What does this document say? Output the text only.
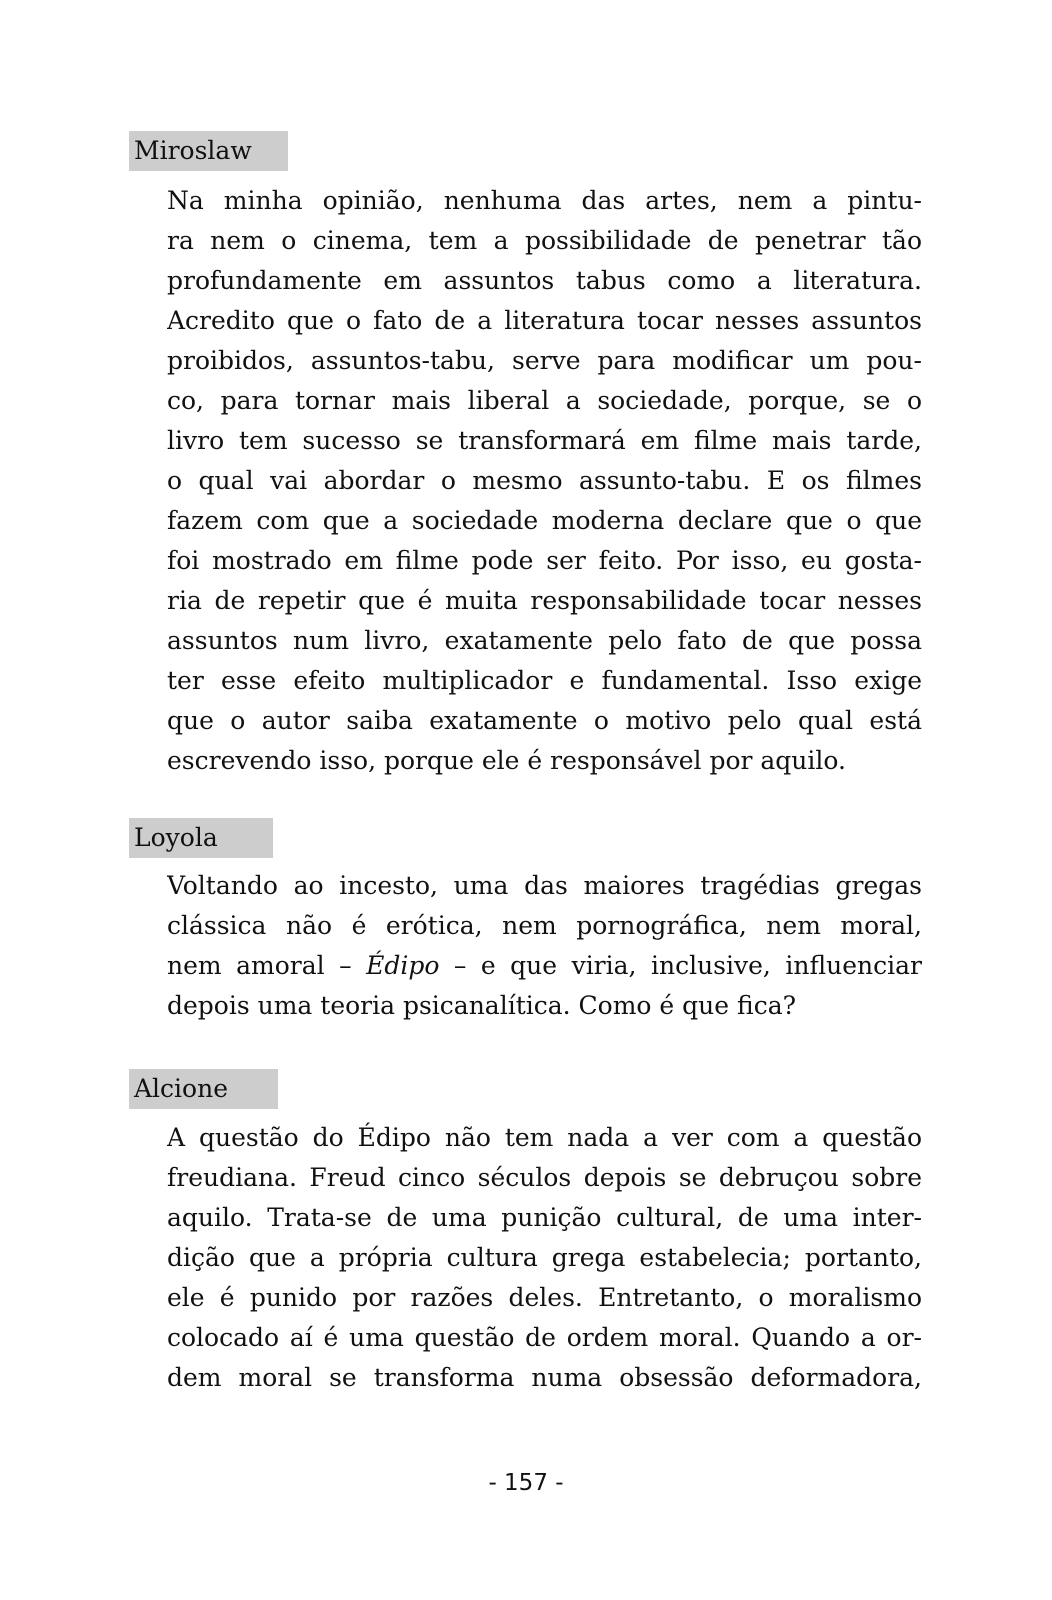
Miroslaw
Na minha opinião, nenhuma das artes, nem a pintu-
ra nem o cinema, tem a possibilidade de penetrar tão
profundamente em assuntos tabus como a literatura.
Acredito que o fato de a literatura tocar nesses assuntos
proibidos, assuntos-tabu, serve para modificar um pou-
co, para tornar mais liberal a sociedade, porque, se o
livro tem sucesso se transformará em filme mais tarde,
o qual vai abordar o mesmo assunto-tabu. E os filmes
fazem com que a sociedade moderna declare que o que
foi mostrado em filme pode ser feito. Por isso, eu gosta-
ria de repetir que é muita responsabilidade tocar nesses
assuntos num livro, exatamente pelo fato de que possa
ter esse efeito multiplicador e fundamental. Isso exige
que o autor saiba exatamente o motivo pelo qual está
escrevendo isso, porque ele é responsável por aquilo.
Loyola
Voltando ao incesto, uma das maiores tragédias gregas
clássica não é erótica, nem pornográfica, nem moral,
nem amoral – Édipo – e que viria, inclusive, influenciar
depois uma teoria psicanalítica. Como é que fica?
Alcione
A questão do Édipo não tem nada a ver com a questão
freudiana. Freud cinco séculos depois se debruçou sobre
aquilo. Trata-se de uma punição cultural, de uma inter-
dição que a própria cultura grega estabelecia; portanto,
ele é punido por razões deles. Entretanto, o moralismo
colocado aí é uma questão de ordem moral. Quando a or-
dem moral se transforma numa obsessão deformadora,
- 157 -
